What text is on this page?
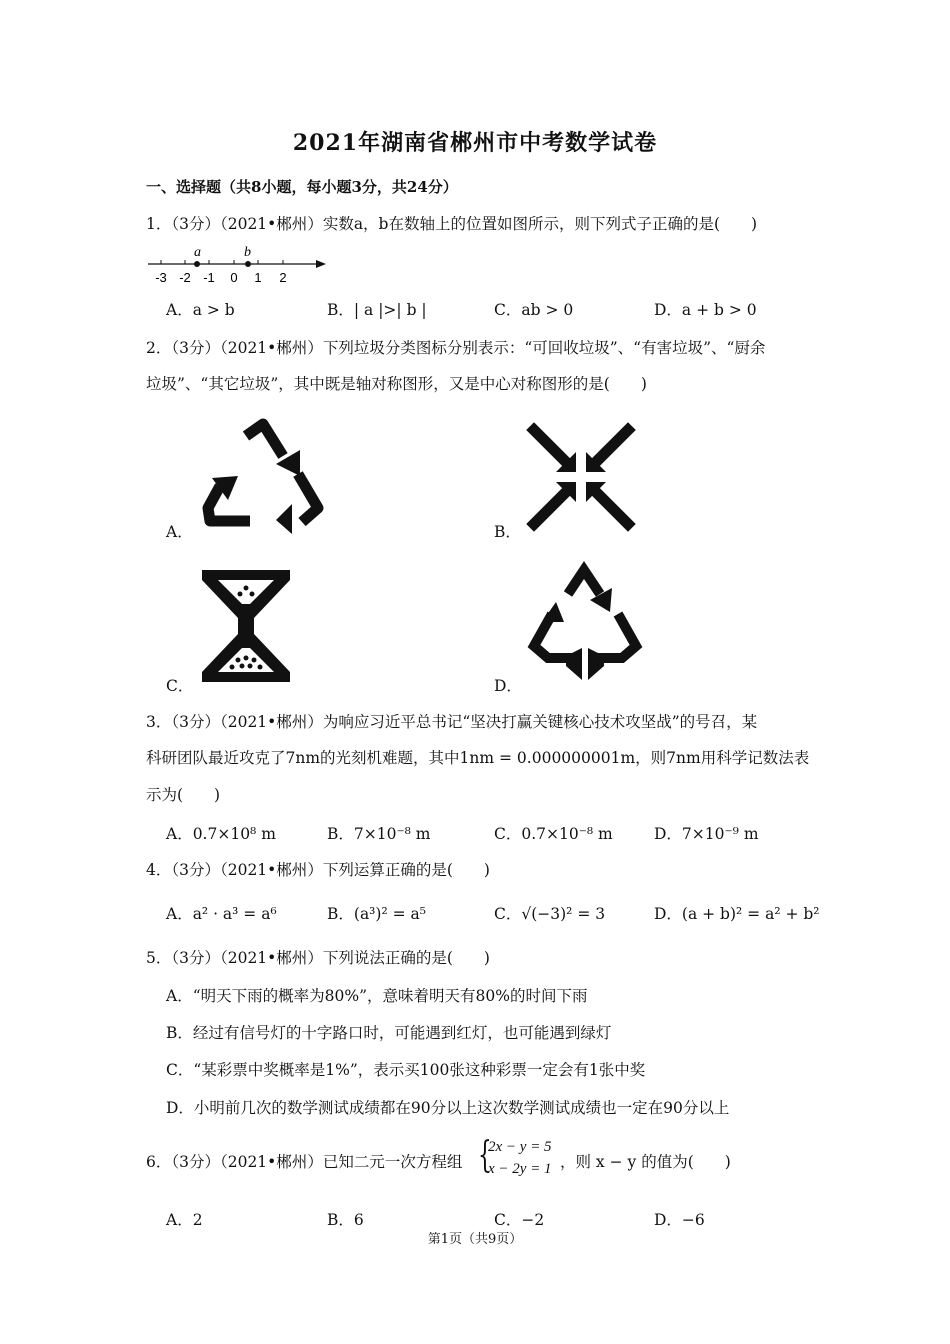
2021年湖南省郴州市中考数学试卷
一、选择题（共8小题，每小题3分，共24分）
1．（3分）（2021•郴州）实数a，b在数轴上的位置如图所示，则下列式子正确的是(　　)
a	b
-3 -2 -1 0 1 2
A．a > b	B．| a |>| b |	C．ab > 0	D．a + b > 0
2．（3分）（2021•郴州）下列垃圾分类图标分别表示：“可回收垃圾”、“有害垃圾”、“厨余
垃圾”、“其它垃圾”，其中既是轴对称图形，又是中心对称图形的是(　　)
A．	B．
C．	D．
3．（3分）（2021•郴州）为响应习近平总书记“坚决打赢关键核心技术攻坚战”的号召，某
科研团队最近攻克了7nm的光刻机难题，其中1nm = 0.000000001m，则7nm用科学记数法表
示为(　　)
A．0.7×10⁸ m	B．7×10⁻⁸ m	C．0.7×10⁻⁸ m	D．7×10⁻⁹ m
4．（3分）（2021•郴州）下列运算正确的是(　　)
A．a² · a³ = a⁶	B．(a³)² = a⁵	C．√(−3)² = 3	D．(a + b)² = a² + b²
5．（3分）（2021•郴州）下列说法正确的是(　　)
A．“明天下雨的概率为80%”，意味着明天有80%的时间下雨
B．经过有信号灯的十字路口时，可能遇到红灯，也可能遇到绿灯
C．“某彩票中奖概率是1%”，表示买100张这种彩票一定会有1张中奖
D．小明前几次的数学测试成绩都在90分以上这次数学测试成绩也一定在90分以上
6．（3分）（2021•郴州）已知二元一次方程组 {
2x − y = 5
x − 2y = 1 ，则 x − y 的值为(　　)
A．2	B．6	C．−2	D．−6
第1页（共9页）
